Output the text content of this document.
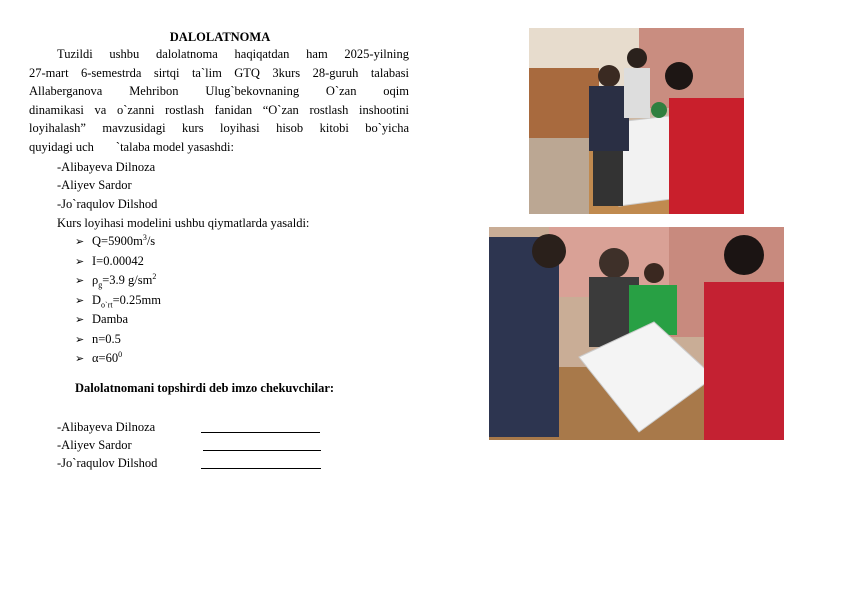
DALOLATNOMA
Tuzildi ushbu dalolatnoma haqiqatdan ham 2025-yilning
27-mart 6-semestrda sirtqi ta`lim GTQ 3kurs 28-guruh talabasi
Allaberganova Mehribon Ulug`bekovnaning O`zan oqim
dinamikasi va o`zanni rostlash fanidan “O`zan rostlash inshootini
loyihalash” mavzusidagi kurs loyihasi hisob kitobi bo`yicha
quyidagi uch `talaba model yasashdi:
-Alibayeva Dilnoza
-Aliyev Sardor
-Jo`raqulov Dilshod
Kurs loyihasi modelini ushbu qiymatlarda yasaldi:
➢ $Q=5900m^3/s$
➢ I=0.00042
➢ $\rho_g=3.9$ $g/sm^2$
➢ $D_{o`rt}=0.25mm$
➢ Damba
➢ n=0.5
➢ $\alpha=60^0$
Dalolatnomani topshirdi deb imzo chekuvchilar:
-Alibayeva Dilnoza
-Aliyev Sardor
-Jo`raqulov Dilshod
